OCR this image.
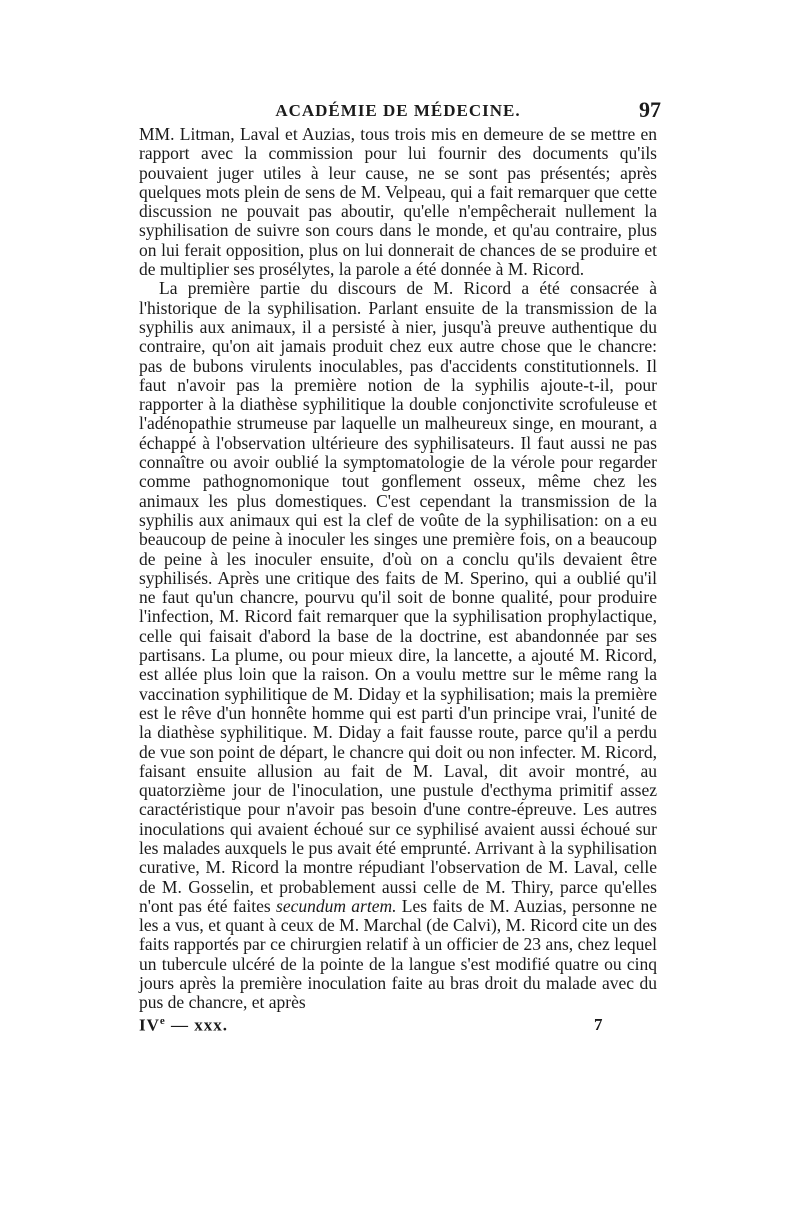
ACADÉMIE DE MÉDECINE.	97

MM. Litman, Laval et Auzias, tous trois mis en demeure de se mettre en rapport avec la commission pour lui fournir des documents qu'ils pouvaient juger utiles à leur cause, ne se sont pas présentés; après quelques mots plein de sens de M. Velpeau, qui a fait remarquer que cette discussion ne pouvait pas aboutir, qu'elle n'empêcherait nullement la syphilisation de suivre son cours dans le monde, et qu'au contraire, plus on lui ferait opposition, plus on lui donnerait de chances de se produire et de multiplier ses prosélytes, la parole a été donnée à M. Ricord.

La première partie du discours de M. Ricord a été consacrée à l'historique de la syphilisation. Parlant ensuite de la transmission de la syphilis aux animaux, il a persisté à nier, jusqu'à preuve authentique du contraire, qu'on ait jamais produit chez eux autre chose que le chancre: pas de bubons virulents inoculables, pas d'accidents constitutionnels. Il faut n'avoir pas la première notion de la syphilis ajoute-t-il, pour rapporter à la diathèse syphilitique la double conjonctivite scrofuleuse et l'adénopathie strumeuse par laquelle un malheureux singe, en mourant, a échappé à l'observation ultérieure des syphilisateurs. Il faut aussi ne pas connaître ou avoir oublié la symptomatologie de la vérole pour regarder comme pathognomonique tout gonflement osseux, même chez les animaux les plus domestiques. C'est cependant la transmission de la syphilis aux animaux qui est la clef de voûte de la syphilisation: on a eu beaucoup de peine à inoculer les singes une première fois, on a beaucoup de peine à les inoculer ensuite, d'où on a conclu qu'ils devaient être syphilisés. Après une critique des faits de M. Sperino, qui a oublié qu'il ne faut qu'un chancre, pourvu qu'il soit de bonne qualité, pour produire l'infection, M. Ricord fait remarquer que la syphilisation prophylactique, celle qui faisait d'abord la base de la doctrine, est abandonnée par ses partisans. La plume, ou pour mieux dire, la lancette, a ajouté M. Ricord, est allée plus loin que la raison. On a voulu mettre sur le même rang la vaccination syphilitique de M. Diday et la syphilisation; mais la première est le rêve d'un honnête homme qui est parti d'un principe vrai, l'unité de la diathèse syphilitique. M. Diday a fait fausse route, parce qu'il a perdu de vue son point de départ, le chancre qui doit ou non infecter. M. Ricord, faisant ensuite allusion au fait de M. Laval, dit avoir montré, au quatorzième jour de l'inoculation, une pustule d'ecthyma primitif assez caractéristique pour n'avoir pas besoin d'une contre-épreuve. Les autres inoculations qui avaient échoué sur ce syphilisé avaient aussi échoué sur les malades auxquels le pus avait été emprunté. Arrivant à la syphilisation curative, M. Ricord la montre répudiant l'observation de M. Laval, celle de M. Gosselin, et probablement aussi celle de M. Thiry, parce qu'elles n'ont pas été faites secundum artem. Les faits de M. Auzias, personne ne les a vus, et quant à ceux de M. Marchal (de Calvi), M. Ricord cite un des faits rapportés par ce chirurgien relatif à un officier de 23 ans, chez lequel un tubercule ulcéré de la pointe de la langue s'est modifié quatre ou cinq jours après la première inoculation faite au bras droit du malade avec du pus de chancre, et après

IVe — xxx.	7
